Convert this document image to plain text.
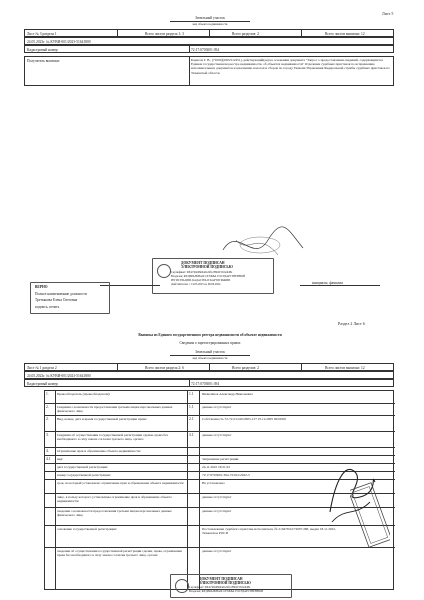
Лист 5
Земельный участок
вид объекта недвижимости
Лист № 3 раздела 1	Всего листов раздела 1: 3	Всего разделов: 2	Всего листов выписки: 12
24.05.2023г. № КУВИ-001/2023-51641800
Кадастровый номер:	72:17:0703001:394
Получатель выписки:	Борисов Г. В., (71000)(0302112451), действующий(ая) на основании документа "Запрос о предоставлении сведений, содержащихся в Едином государственном реестре недвижимости, об объектах недвижимости" Отделение судебных приставов по исправлению исполнительных документов и взысканию налогов и сборов по городу Тюмени Управления Федеральной службы судебных приставов по Тюменской области
ДОКУМЕНТ ПОДПИСАН
ЭЛЕКТРОННОЙ ПОДПИСЬЮ
Сертификат: 00bd7d0e08e94d1e9f1c86bbf33cbe6d8a
Владелец: ФЕДЕРАЛЬНАЯ СЛУЖБА ГОСУДАРСТВЕННОЙ
РЕГИСТРАЦИИ, КАДАСТРА И КАРТОГРАФИИ
Действителен: с 14.03.2023 по 06.06.2024	инициалы, фамилия
ВЕРНО
Полное наименование должности
Третьякова Елена Олеговна
подпись, печать
Раздел 2 Лист 6
Выписка из Единого государственного реестра недвижимости об объекте недвижимости
Сведения о зарегистрированных правах
Земельный участок
вид объекта недвижимости
Лист № 1 раздела 2	Всего листов раздела 2: 6	Всего разделов: 2	Всего листов выписки: 12
24.05.2023г. № КУВИ-001/2023-51641800
Кадастровый номер:	72:17:0703001:394
1. Правообладатель (правообладатели):	1.1	Шевелёнок Александр Николаевич
2. Сведения о возможности предоставления третьим лицам персональных данных физического лица
1.1	данные отсутствуют
2. Вид, номер, дата и время государственной регистрации права:	2.1	Собственность 72-72-01/410/2005-157 25.12.2005 00:00:00
3. Сведения об осуществлении государственной регистрации сделки, права без необходимого в силу закона согласия третьего лица, органа:
3.1	данные отсутствуют
4. Ограничение прав и обременение объекта недвижимости:
4.1 вид:	Запрещение регистрации
дата государственной регистрации:	24.11.2022 16:21:22
номер государственной регистрации:	72:17:0703001:394-72/041/2022-5
срок, на который установлено ограничение прав и обременение объекта недвижимости:	Не установлено
лицо, в пользу которого установлены ограничение прав и обременение объекта недвижимости:
данные отсутствуют
сведения о возможности предоставления третьим лицам персональных данных физического лица
данные отсутствуют
основание государственной регистрации:	Постановление судебного пристава-исполнителя, № 219479/22/72007-ИП, выдан 18.11.2022, Тюменское РОСП
сведения об осуществлении государственной регистрации сделки, права, ограничения права без необходимого в силу закона согласия третьего лица, органа:
данные отсутствуют
ДОКУМЕНТ ПОДПИСАН
ЭЛЕКТРОННОЙ ПОДПИСЬЮ
Сертификат: 00bd7d0e08e94d1e9f1c86bbf33cbe6d8a
Владелец: ФЕДЕРАЛЬНАЯ СЛУЖБА ГОСУДАРСТВЕННОЙ
